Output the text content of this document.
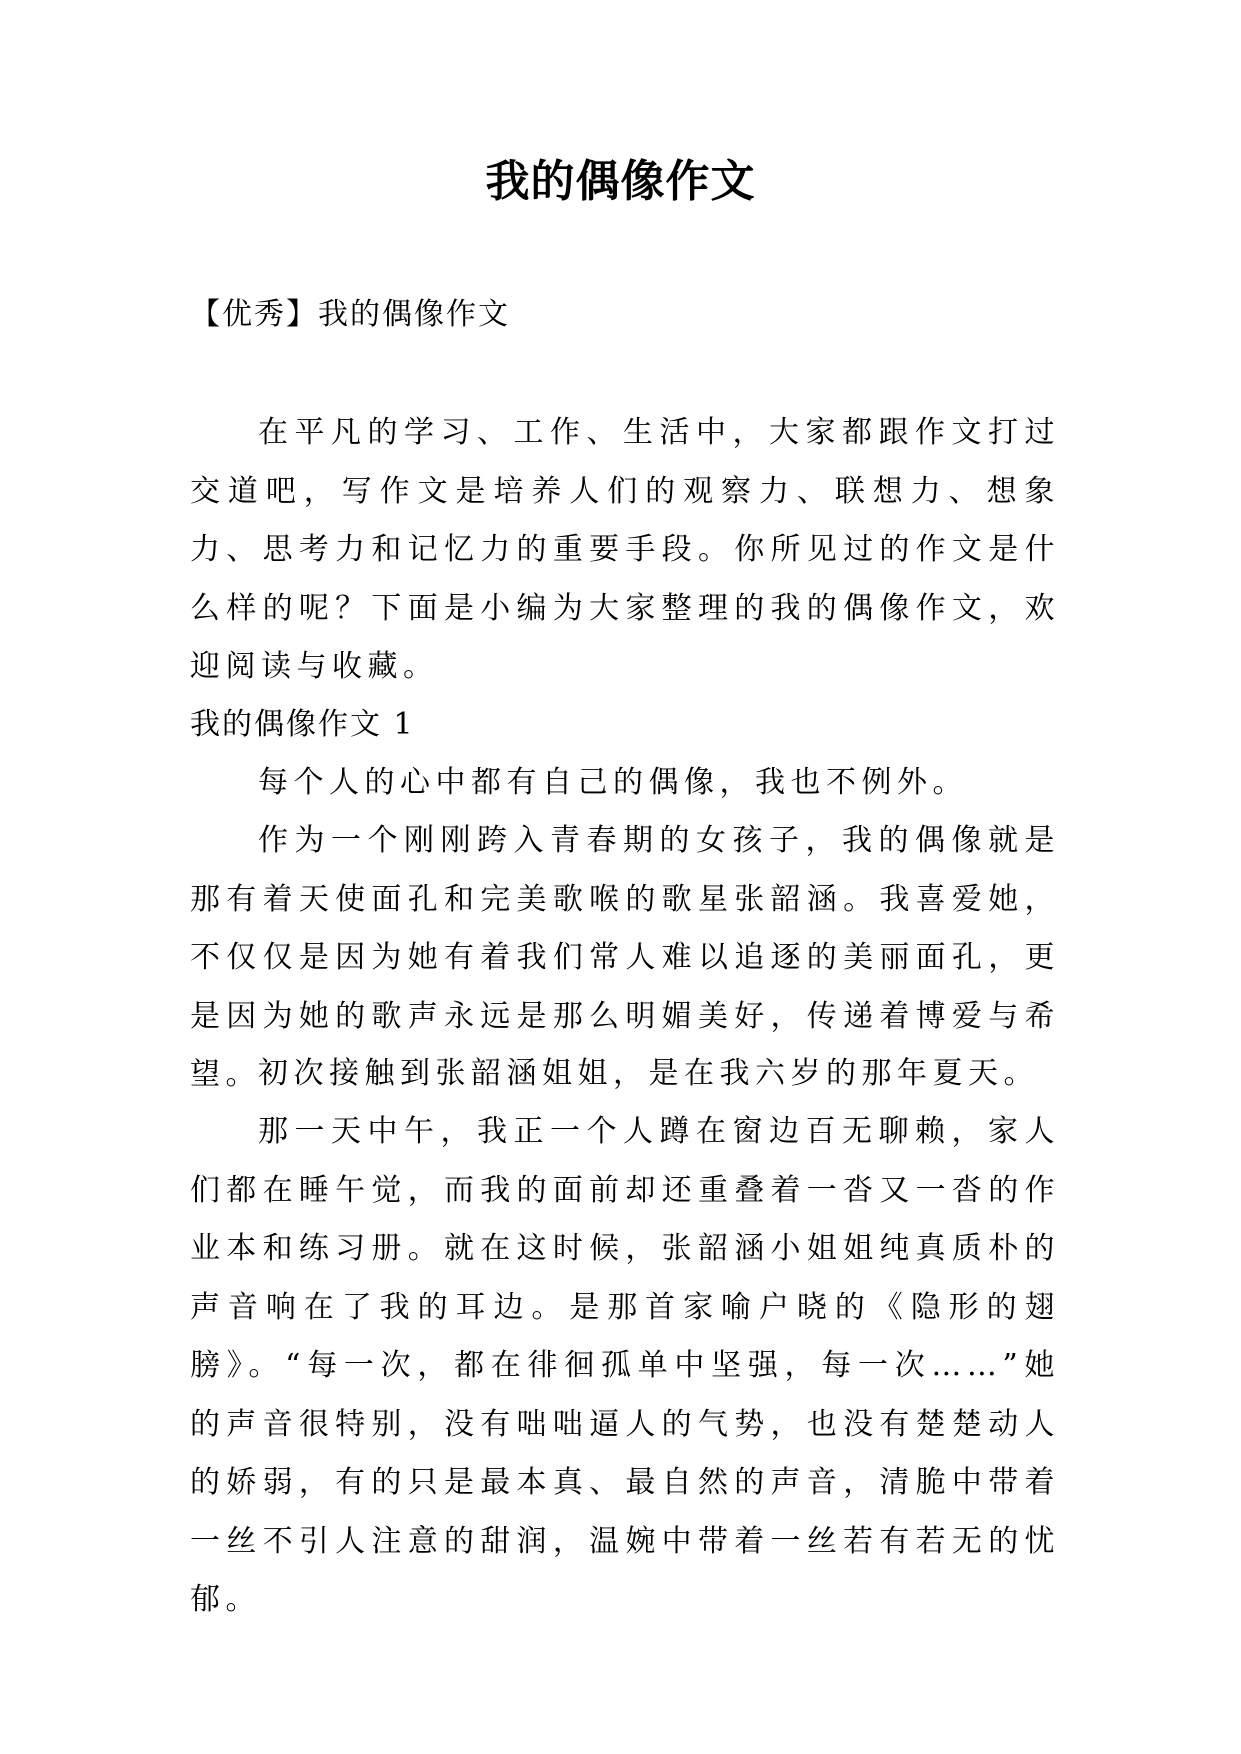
我的偶像作文
【优秀】我的偶像作文

在平凡的学习、工作、生活中，大家都跟作文打过交道吧，写作文是培养人们的观察力、联想力、想象力、思考力和记忆力的重要手段。你所见过的作文是什么样的呢？下面是小编为大家整理的我的偶像作文，欢迎阅读与收藏。

我的偶像作文 1

每个人的心中都有自己的偶像，我也不例外。

作为一个刚刚跨入青春期的女孩子，我的偶像就是那有着天使面孔和完美歌喉的歌星张韶涵。我喜爱她，不仅仅是因为她有着我们常人难以追逐的美丽面孔，更是因为她的歌声永远是那么明媚美好，传递着博爱与希望。

初次接触到张韶涵姐姐，是在我六岁的那年夏天。

那一天中午，我正一个人蹲在窗边百无聊赖，家人们都在睡午觉，而我的面前却还重叠着一沓又一沓的作业本和练习册。就在这时候，张韶涵小姐姐纯真质朴的声音响在了我的耳边。是那首家喻户晓的《隐形的翅膀》。“每一次，都在徘徊孤单中坚强，每一次……”她的声音很特别，没有咄咄逼人的气势，也没有楚楚动人的娇弱，有的只是最本真、最自然的声音，清脆中带着一丝不引人注意的甜润，温婉中带着一丝若有若无的忧郁。
